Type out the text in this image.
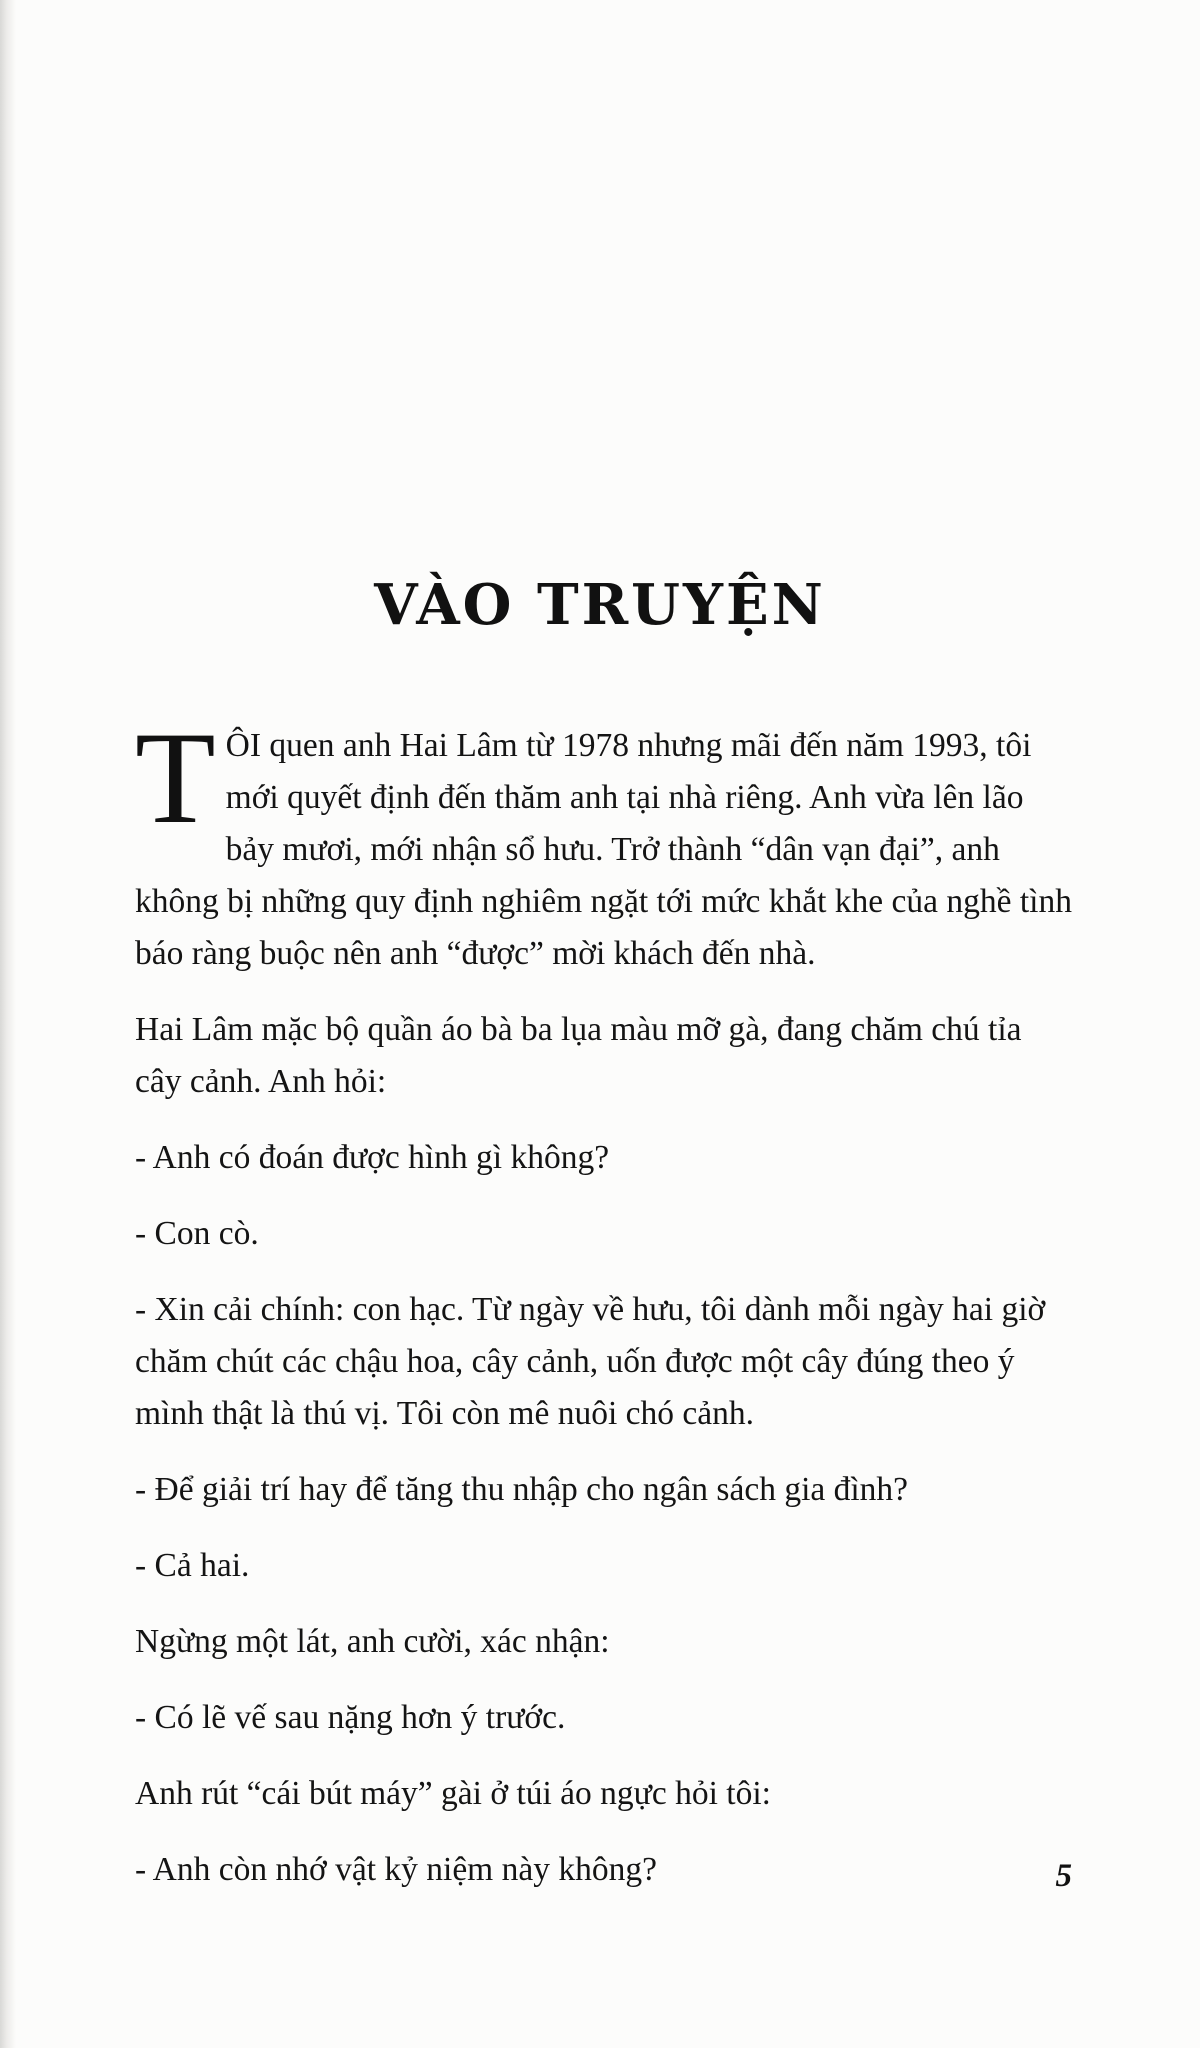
VÀO TRUYỆN

TÔI quen anh Hai Lâm từ 1978 nhưng mãi đến năm 1993, tôi mới quyết định đến thăm anh tại nhà riêng. Anh vừa lên lão bảy mươi, mới nhận sổ hưu. Trở thành “dân vạn đại”, anh không bị những quy định nghiêm ngặt tới mức khắt khe của nghề tình báo ràng buộc nên anh “được” mời khách đến nhà.

Hai Lâm mặc bộ quần áo bà ba lụa màu mỡ gà, đang chăm chú tỉa cây cảnh. Anh hỏi:

- Anh có đoán được hình gì không?

- Con cò.

- Xin cải chính: con hạc. Từ ngày về hưu, tôi dành mỗi ngày hai giờ chăm chút các chậu hoa, cây cảnh, uốn được một cây đúng theo ý mình thật là thú vị. Tôi còn mê nuôi chó cảnh.

- Để giải trí hay để tăng thu nhập cho ngân sách gia đình?

- Cả hai.

Ngừng một lát, anh cười, xác nhận:

- Có lẽ vế sau nặng hơn ý trước.

Anh rút “cái bút máy” gài ở túi áo ngực hỏi tôi:

- Anh còn nhớ vật kỷ niệm này không?	5
